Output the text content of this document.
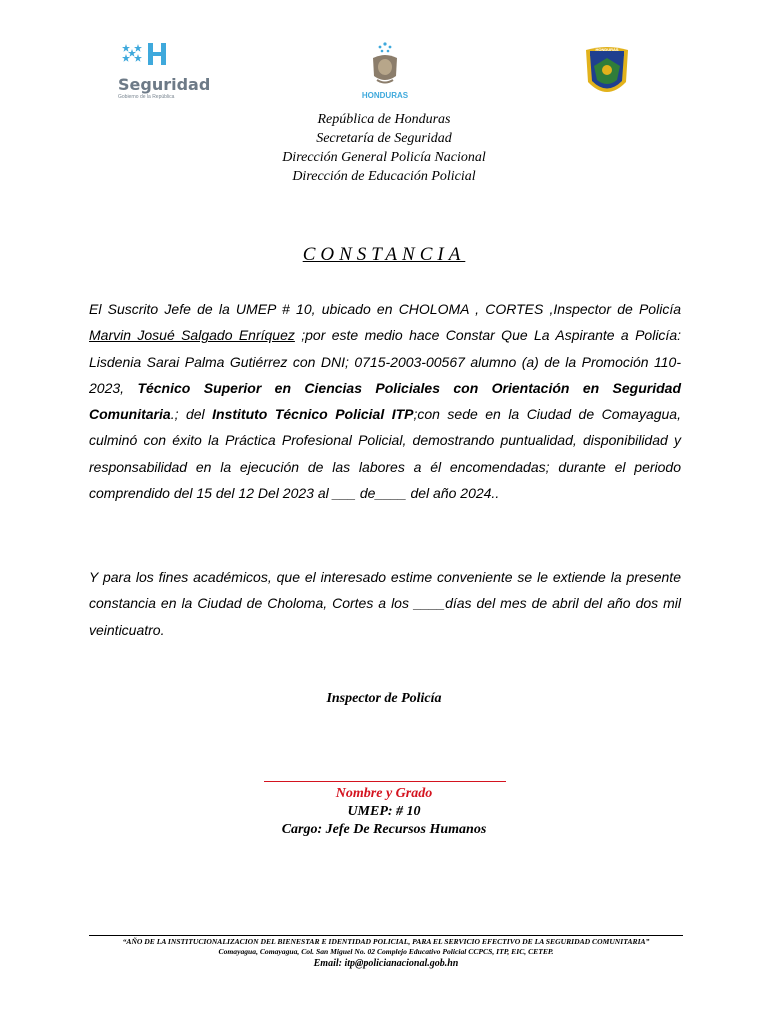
Seguridad
Gobierno de la República	HONDURAS
HONDURAS
República de Honduras
Secretaría de Seguridad
Dirección General Policía Nacional
Dirección de Educación Policial
CONSTANCIA
El Suscrito Jefe de la UMEP # 10, ubicado en CHOLOMA , CORTES ,Inspector de Policía Marvin Josué Salgado Enríquez ;por este medio hace Constar Que La Aspirante a Policía: Lisdenia Sarai Palma Gutiérrez con DNI; 0715-2003-00567 alumno (a) de la Promoción 110-2023, Técnico Superior en Ciencias Policiales con Orientación en Seguridad Comunitaria.; del Instituto Técnico Policial ITP;con sede en la Ciudad de Comayagua, culminó con éxito la Práctica Profesional Policial, demostrando puntualidad, disponibilidad y responsabilidad en la ejecución de las labores a él encomendadas; durante el periodo comprendido del 15 del 12 Del 2023 al ___ de____ del año 2024..
Y para los fines académicos, que el interesado estime conveniente se le extiende la presente constancia en la Ciudad de Choloma, Cortes a los ____días del mes de abril del año dos mil veinticuatro.
Inspector de Policía
Nombre y Grado
UMEP: # 10
Cargo: Jefe De Recursos Humanos
“AÑO DE LA INSTITUCIONALIZACION DEL BIENESTAR E IDENTIDAD POLICIAL, PARA EL SERVICIO EFECTIVO DE LA SEGURIDAD COMUNITARIA”
Comayagua, Comayagua, Col. San Miguel No. 02 Complejo Educativo Policial CCPCS, ITP, EIC, CETEP.
Email: itp@policianacional.gob.hn
